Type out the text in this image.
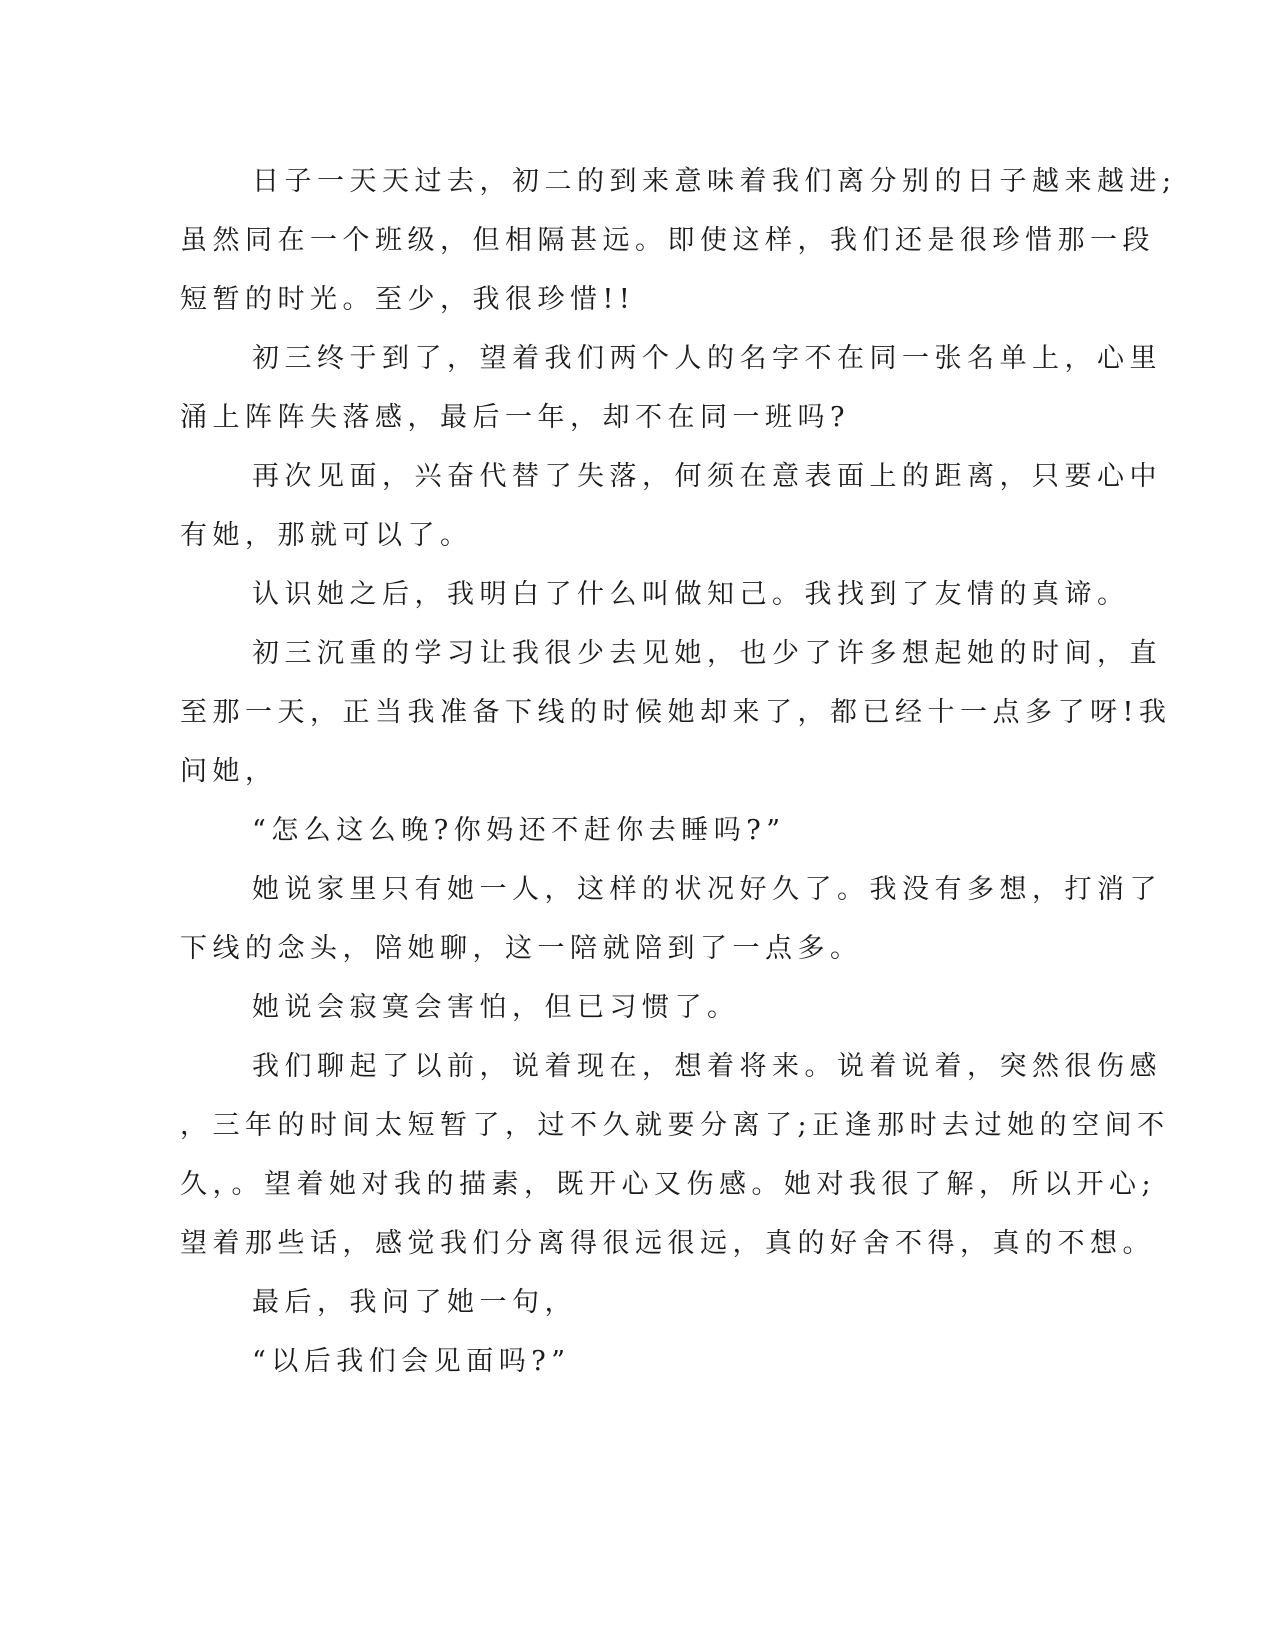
日子一天天过去，初二的到来意味着我们离分别的日子越来越进;
虽然同在一个班级，但相隔甚远。即使这样，我们还是很珍惜那一段
短暂的时光。至少，我很珍惜!!
初三终于到了，望着我们两个人的名字不在同一张名单上，心里
涌上阵阵失落感，最后一年，却不在同一班吗?
再次见面，兴奋代替了失落，何须在意表面上的距离，只要心中
有她，那就可以了。
认识她之后，我明白了什么叫做知己。我找到了友情的真谛。
初三沉重的学习让我很少去见她，也少了许多想起她的时间，直
至那一天，正当我准备下线的时候她却来了，都已经十一点多了呀!我
问她，
“怎么这么晚?你妈还不赶你去睡吗?”
她说家里只有她一人，这样的状况好久了。我没有多想，打消了
下线的念头，陪她聊，这一陪就陪到了一点多。
她说会寂寞会害怕，但已习惯了。
我们聊起了以前，说着现在，想着将来。说着说着，突然很伤感
，三年的时间太短暂了，过不久就要分离了;正逢那时去过她的空间不
久，。望着她对我的描素，既开心又伤感。她对我很了解，所以开心;
望着那些话，感觉我们分离得很远很远，真的好舍不得，真的不想。
最后，我问了她一句，
“以后我们会见面吗?”
